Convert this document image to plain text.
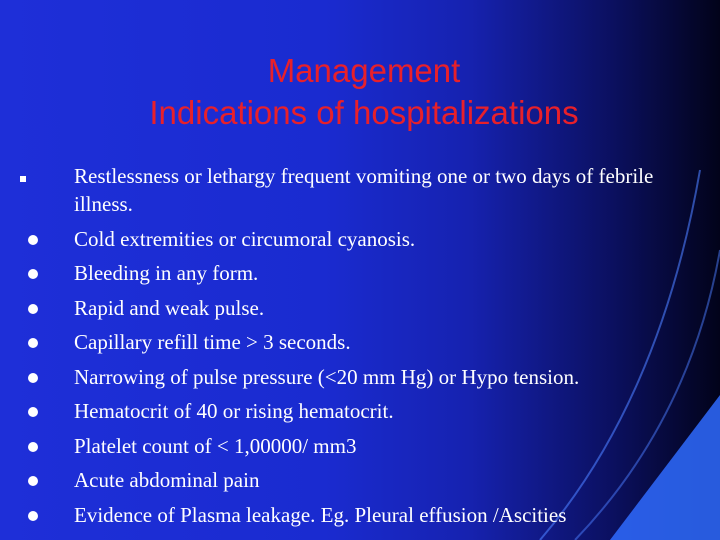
Management
Indications of hospitalizations
Restlessness or lethargy frequent vomiting one or two days of febrile illness.
Cold extremities or circumoral cyanosis.
Bleeding in any form.
Rapid and weak pulse.
Capillary refill time > 3 seconds.
Narrowing of pulse pressure (<20 mm Hg) or Hypo tension.
Hematocrit of 40 or rising hematocrit.
Platelet count of < 1,00000/ mm3
Acute abdominal pain
Evidence of Plasma leakage. Eg. Pleural effusion /Ascities
